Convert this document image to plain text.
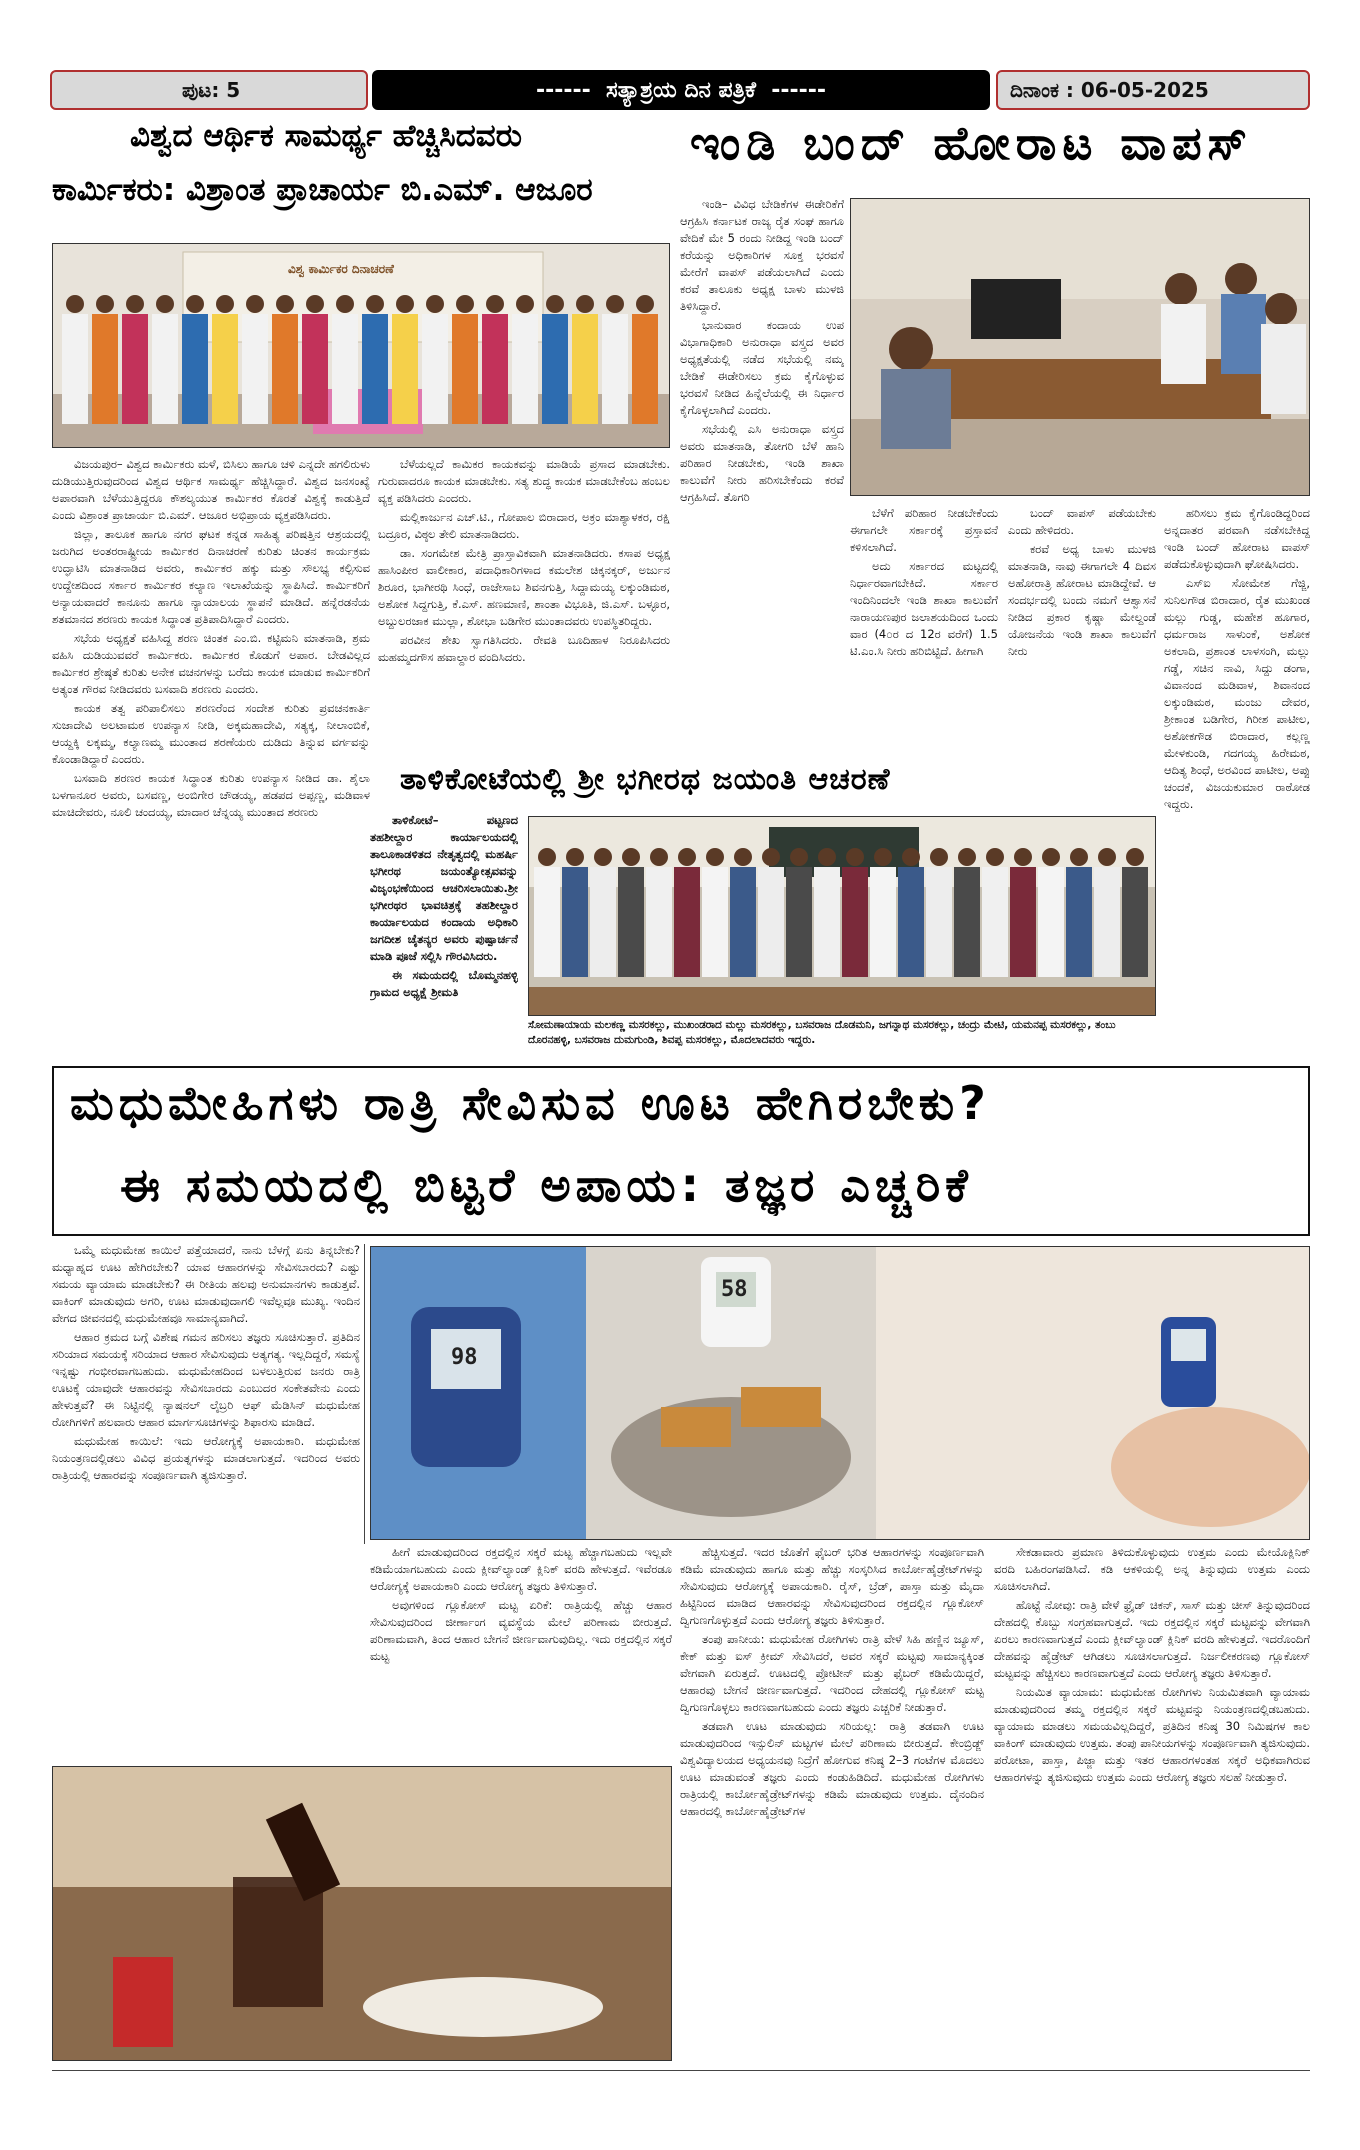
ಪುಟ: 5	------  ಸತ್ಯಾಶ್ರಯ ದಿನ ಪತ್ರಿಕೆ  ------	ದಿನಾಂಕ : 06-05-2025
ವಿಶ್ವದ ಆರ್ಥಿಕ ಸಾಮರ್ಥ್ಯ ಹೆಚ್ಚಿಸಿದವರು
ಕಾರ್ಮಿಕರು: ವಿಶ್ರಾಂತ ಪ್ರಾಚಾರ್ಯ ಬಿ.ಎಮ್. ಆಜೂರ
ವಿಶ್ವ ಕಾರ್ಮಿಕರ ದಿನಾಚರಣೆ

ವಿಜಯಪುರ– ವಿಶ್ವದ ಕಾರ್ಮಿಕರು ಮಳೆ, ಬಿಸಿಲು ಹಾಗೂ ಚಳಿ ಎನ್ನದೇ ಹಗಲಿರುಳು ದುಡಿಯುತ್ತಿರುವುದರಿಂದ ವಿಶ್ವದ ಆರ್ಥಿಕ ಸಾಮರ್ಥ್ಯ ಹೆಚ್ಚಿಸಿದ್ದಾರೆ. ವಿಶ್ವದ ಜನಸಂಖ್ಯೆ ಅಪಾರವಾಗಿ ಬೆಳೆಯುತ್ತಿದ್ದರೂ ಕೌಶಲ್ಯಯುತ ಕಾರ್ಮಿಕರ ಕೊರತೆ ವಿಶ್ವಕ್ಕೆ ಕಾಡುತ್ತಿದೆ ಎಂದು ವಿಶ್ರಾಂತ ಪ್ರಾಚಾರ್ಯ ಬಿ.ಎಮ್. ಆಜೂರ ಅಭಿಪ್ರಾಯ ವ್ಯಕ್ತಪಡಿಸಿದರು.

ಜಿಲ್ಲಾ, ತಾಲೂಕ ಹಾಗೂ ನಗರ ಘಟಕ ಕನ್ನಡ ಸಾಹಿತ್ಯ ಪರಿಷತ್ತಿನ ಆಶ್ರಯದಲ್ಲಿ ಜರುಗಿದ ಅಂತರರಾಷ್ಟ್ರೀಯ ಕಾರ್ಮಿಕರ ದಿನಾಚರಣೆ ಕುರಿತು ಚಿಂತನ ಕಾರ್ಯಕ್ರಮ ಉದ್ಘಾಟಿಸಿ ಮಾತನಾಡಿದ ಅವರು, ಕಾರ್ಮಿಕರ ಹಕ್ಕು ಮತ್ತು ಸೌಲಭ್ಯ ಕಲ್ಪಿಸುವ ಉದ್ದೇಶದಿಂದ ಸರ್ಕಾರ ಕಾರ್ಮಿಕರ ಕಲ್ಯಾಣ ಇಲಾಖೆಯನ್ನು ಸ್ಥಾಪಿಸಿದೆ. ಕಾರ್ಮಿಕರಿಗೆ ಅನ್ಯಾಯವಾದರೆ ಕಾನೂನು ಹಾಗೂ ನ್ಯಾಯಾಲಯ ಸ್ಥಾಪನೆ ಮಾಡಿದೆ. ಹನ್ನೆರಡನೆಯ ಶತಮಾನದ ಶರಣರು ಕಾಯಕ ಸಿದ್ಧಾಂತ ಪ್ರತಿಪಾದಿಸಿದ್ದಾರೆ ಎಂದರು.

ಸಭೆಯ ಅಧ್ಯಕ್ಷತೆ ವಹಿಸಿದ್ದ ಶರಣ ಚಿಂತಕ ಎಂ.ಬಿ. ಕಟ್ಟಿಮನಿ ಮಾತನಾಡಿ, ಶ್ರಮ ವಹಿಸಿ ದುಡಿಯುವವರೆ ಕಾರ್ಮಿಕರು. ಕಾರ್ಮಿಕರ ಕೊಡುಗೆ ಅಪಾರ. ಬೇಡವಿಲ್ಲದ ಕಾರ್ಮಿಕರ ಶ್ರೇಷ್ಠತೆ ಕುರಿತು ಅನೇಕ ವಚನಗಳನ್ನು ಬರೆದು ಕಾಯಕ ಮಾಡುವ ಕಾರ್ಮಿಕರಿಗೆ ಅತ್ಯಂತ ಗೌರವ ನೀಡಿದವರು ಬಸವಾದಿ ಶರಣರು ಎಂದರು.

ಕಾಯಕ ತತ್ವ ಪರಿಪಾಲಿಸಲು ಶರಣರೆಂದ ಸಂದೇಶ ಕುರಿತು ಪ್ರವಚನಕಾರ್ತಿ ಸುಜಾದೇವಿ ಅಲಟಾಮಠ ಉಪನ್ಯಾಸ ನೀಡಿ, ಅಕ್ಕಮಹಾದೇವಿ, ಸತ್ಯಕ್ಕ, ನೀಲಾಂಬಿಕೆ, ಆಯ್ದಕ್ಕಿ ಲಕ್ಕಮ್ಮ, ಕಲ್ಯಾಣಮ್ಮ ಮುಂತಾದ ಶರಣೆಯರು ದುಡಿದು ತಿನ್ನುವ ವರ್ಗವನ್ನು ಕೊಂಡಾಡಿದ್ದಾರೆ ಎಂದರು.

ಬಸವಾದಿ ಶರಣರ ಕಾಯಕ ಸಿದ್ಧಾಂತ ಕುರಿತು ಉಪನ್ಯಾಸ ನೀಡಿದ ಡಾ. ಶೈಲಾ ಬಳಗಾನೂರ ಅವರು, ಬಸವಣ್ಣ, ಅಂಬಿಗೇರ ಚೌಡಯ್ಯ, ಹಡಪದ ಅಪ್ಪಣ್ಣ, ಮಡಿವಾಳ ಮಾಚಿದೇವರು, ನೂಲಿ ಚಂದಯ್ಯ, ಮಾದಾರ ಚೆನ್ನಯ್ಯ ಮುಂತಾದ ಶರಣರು

ಬೆಳೆಯಲ್ಲದೆ ಕಾಮಿಕರ ಕಾಯಕವನ್ನು ಮಾಡಿಯೆ ಪ್ರಸಾದ ಮಾಡಬೇಕು. ಗುರುವಾದರೂ ಕಾಯಕ ಮಾಡಬೇಕು. ಸತ್ಯ ಶುದ್ಧ ಕಾಯಕ ಮಾಡಬೇಕೆಂಬ ಹಂಬಲ ವ್ಯಕ್ತ ಪಡಿಸಿದರು ಎಂದರು.

ಮಲ್ಲಿಕಾರ್ಜುನ ಎಚ್.ಟಿ., ಗೋಪಾಲ ಬಿರಾದಾರ, ಅಕ್ರಂ ಮಾಶ್ಯಾಳಕರ, ರಕ್ಷಿ ಬದ್ರೂರ, ವಿಠ್ಠಲ ತೇಲಿ ಮಾತನಾಡಿದರು.

ಡಾ. ಸಂಗಮೇಶ ಮೇತ್ರಿ ಪ್ರಾಸ್ತಾವಿಕವಾಗಿ ಮಾತನಾಡಿದರು. ಕಸಾಪ ಅಧ್ಯಕ್ಷ ಹಾಸಿಂಪೀರ ವಾಲೀಕಾರ, ಪದಾಧಿಕಾರಿಗಳಾದ ಕಮಲೇಶ ಚಿಕ್ಕನಕ್ಕರ್, ಅರ್ಜುನ ಶಿರೂರ, ಭಾಗೀರಥಿ ಸಿಂಧೆ, ರಾಜೇಸಾಬ ಶಿವನಗುತ್ತಿ, ಸಿದ್ದಾಮಯ್ಯ ಲಕ್ಕುಂಡಿಮಠ, ಅಶೋಕ ಸಿದ್ದಗುತ್ತಿ, ಕೆ.ಎಸ್. ಹಣಮಾಣಿ, ಶಾಂತಾ ವಿಭೂತಿ, ಜಿ.ಎಸ್. ಬಳ್ಳೂರ, ಅಬ್ದುಲರಜಾಕ ಮುಲ್ಲಾ, ಶೋಭಾ ಬಡಿಗೇರ ಮುಂತಾದವರು ಉಪಸ್ಥಿತರಿದ್ದರು.

ಪರವೀನ ಶೇಖ ಸ್ವಾಗತಿಸಿದರು. ರೇವತಿ ಬೂದಿಹಾಳ ನಿರೂಪಿಸಿದರು ಮಹಮ್ಮದಗೌಸ ಹವಾಲ್ದಾರ ವಂದಿಸಿದರು.

ಇಂಡಿ ಬಂದ್ ಹೋರಾಟ ವಾಪಸ್

ಇಂಡಿ– ವಿವಿಧ ಬೇಡಿಕೆಗಳ ಈಡೇರಿಕೆಗೆ ಆಗ್ರಹಿಸಿ ಕರ್ನಾಟಕ ರಾಜ್ಯ ರೈತ ಸಂಘ ಹಾಗೂ ವೇದಿಕೆ ಮೇ 5 ರಂದು ನೀಡಿದ್ದ ಇಂಡಿ ಬಂದ್ ಕರೆಯನ್ನು ಅಧಿಕಾರಿಗಳ ಸೂಕ್ತ ಭರವಸೆ ಮೇರೆಗೆ ವಾಪಸ್ ಪಡೆಯಲಾಗಿದೆ ಎಂದು ಕರವೆ ತಾಲೂಕು ಅಧ್ಯಕ್ಷ ಬಾಳು ಮುಳಜಿ ತಿಳಿಸಿದ್ದಾರೆ.

ಭಾನುವಾರ ಕಂದಾಯ ಉಪ ವಿಭಾಗಾಧಿಕಾರಿ ಅನುರಾಧಾ ವಸ್ತ್ರದ ಅವರ ಅಧ್ಯಕ್ಷತೆಯಲ್ಲಿ ನಡೆದ ಸಭೆಯಲ್ಲಿ ನಮ್ಮ ಬೇಡಿಕೆ ಈಡೇರಿಸಲು ಕ್ರಮ ಕೈಗೊಳ್ಳುವ ಭರವಸೆ ನೀಡಿದ ಹಿನ್ನೆಲೆಯಲ್ಲಿ ಈ ನಿರ್ಧಾರ ಕೈಗೊಳ್ಳಲಾಗಿದೆ ಎಂದರು.

ಸಭೆಯಲ್ಲಿ ಎಸಿ ಅನುರಾಧಾ ವಸ್ತ್ರದ ಅವರು ಮಾತನಾಡಿ, ತೋಗರಿ ಬೆಳೆ ಹಾನಿ ಪರಿಹಾರ ನೀಡಬೇಕು, ಇಂಡಿ ಶಾಖಾ ಕಾಲುವೆಗೆ ನೀರು ಹರಿಸಬೇಕೆಂದು ಕರವೆ ಆಗ್ರಹಿಸಿದೆ. ತೊಗರಿ

ಬೆಳೆಗೆ ಪರಿಹಾರ ನೀಡಬೇಕೆಂದು ಈಗಾಗಲೇ ಸರ್ಕಾರಕ್ಕೆ ಪ್ರಸ್ತಾವನೆ ಕಳಿಸಲಾಗಿದೆ.

ಅದು ಸರ್ಕಾರದ ಮಟ್ಟದಲ್ಲಿ ನಿರ್ಧಾರವಾಗಬೇಕಿದೆ. ಸರ್ಕಾರ ಇಂದಿನಿಂದಲೇ ಇಂಡಿ ಶಾಖಾ ಕಾಲುವೆಗೆ ನಾರಾಯಣಪುರ ಜಲಾಶಯದಿಂದ ಒಂದು ವಾರ (4೦ರ ದ 12ರ ವರೆಗೆ) 1.5 ಟಿ.ಎಂ.ಸಿ ನೀರು ಹರಿಬಿಟ್ಟಿದೆ. ಹೀಗಾಗಿ

ಬಂದ್ ವಾಪಸ್ ಪಡೆಯಬೇಕು ಎಂದು ಹೇಳಿದರು.

ಕರವೆ ಅಧ್ಯ ಬಾಳು ಮುಳಜಿ ಮಾತನಾಡಿ, ನಾವು ಈಗಾಗಲೇ 4 ದಿವಸ ಅಹೋರಾತ್ರಿ ಹೋರಾಟ ಮಾಡಿದ್ದೇವೆ. ಆ ಸಂದರ್ಭದಲ್ಲಿ ಬಂದು ನಮಗೆ ಆಶ್ವಾಸನೆ ನೀಡಿದ ಪ್ರಕಾರ ಕೃಷ್ಣಾ ಮೇಲ್ದಂಡೆ ಯೋಜನೆಯ ಇಂಡಿ ಶಾಖಾ ಕಾಲುವೆಗೆ ನೀರು

ಹರಿಸಲು ಕ್ರಮ ಕೈಗೊಂಡಿದ್ದರಿಂದ ಅನ್ನದಾತರ ಪರವಾಗಿ ನಡೆಸಬೇಕಿದ್ದ ಇಂಡಿ ಬಂದ್ ಹೋರಾಟ ವಾಪಸ್ ಪಡೆದುಕೊಳ್ಳುವುದಾಗಿ ಘೋಷಿಸಿದರು.

ಎಸ್ಐ ಸೋಮೇಶ ಗೆಜ್ಜಿ, ಸುನಿಲಗೌಡ ಬಿರಾದಾರ, ರೈತ ಮುಖಂಡ ಮಲ್ಲು ಗುಡ್ಡ, ಮಹೇಶ ಹೂಗಾರ, ಧರ್ಮರಾಜ ಸಾಳುಂಕೆ, ಅಶೋಕ ಅಕಲಾದಿ, ಪ್ರಶಾಂತ ಲಾಳಸಂಗಿ, ಮಲ್ಲು ಗಡ್ಡೆ, ಸಚಿನ ನಾವಿ, ಸಿದ್ದು ಡಂಗಾ, ವಿವಾನಂದ ಮಡಿವಾಳ, ಶಿವಾನಂದ ಲಕ್ಕುಂಡಿಮಠ, ಮಂಜು ದೇವರ, ಶ್ರೀಕಾಂತ ಬಡಿಗೇರ, ಗಿರೀಶ ಪಾಟೀಲ, ಅಶೋಕಗೌಡ ಬಿರಾದಾರ, ಕಲ್ಲಣ್ಣ ಮೇಳಕುಂಡಿ, ಗದಗಯ್ಯ ಹಿರೇಮಠ, ಆದಿತ್ಯ ಶಿಂಧೆ, ಅರವಿಂದ ಪಾಟೀಲ, ಅಪ್ಪು ಚಂದಕೆ, ವಿಜಯಕುಮಾರ ರಾಠೋಡ ಇದ್ದರು.

ತಾಳಿಕೋಟೆಯಲ್ಲಿ ಶ್ರೀ ಭಗೀರಥ ಜಯಂತಿ ಆಚರಣೆ

ತಾಳಿಕೋಟೆ– ಪಟ್ಟಣದ ತಹಶೀಲ್ದಾರ ಕಾರ್ಯಾಲಯದಲ್ಲಿ ತಾಲೂಕಾಡಳಿತದ ನೇತೃತ್ವದಲ್ಲಿ ಮಹರ್ಷಿ ಭಗೀರಥ ಜಯಂತ್ಯೋತ್ಸವವನ್ನು ವಿಜೃಂಭಣೆಯಿಂದ ಆಚರಿಸಲಾಯಿತು.ಶ್ರೀ ಭಗೀರಥರ ಭಾವಚಿತ್ರಕ್ಕೆ ತಹಶೀಲ್ದಾರ ಕಾರ್ಯಾಲಯದ ಕಂದಾಯ ಅಧಿಕಾರಿ ಜಗದೀಶ ಚೈತನ್ಯರ ಅವರು ಪುಷ್ಪಾರ್ಚನೆ ಮಾಡಿ ಪೂಜೆ ಸಲ್ಲಿಸಿ ಗೌರವಿಸಿದರು.

ಈ ಸಮಯದಲ್ಲಿ ಬೊಮ್ಮನಹಳ್ಳಿ ಗ್ರಾಮದ ಅಧ್ಯಕ್ಷೆ ಶ್ರೀಮತಿ

ಸೋಮಣಾಯಾಯ ಮಲಕಣ್ಣ ಮಸರಕಲ್ಲು, ಮುಖಂಡರಾದ ಮಲ್ಲು ಮಸರಕಲ್ಲು, ಬಸವರಾಜ ದೊಡಮನಿ, ಜಗನ್ನಾಥ ಮಸರಕಲ್ಲು, ಚಂದ್ರು ಮೇಟಿ, ಯಮನಪ್ಪ ಮಸರಕಲ್ಲು, ತಂಬು ದೊರನಹಳ್ಳಿ, ಬಸವರಾಜ ದುಮಗುಂಡಿ, ಶಿವಪ್ಪ ಮಸರಕಲ್ಲು, ಮೊದಲಾದವರು ಇದ್ದರು.
ಮಧುಮೇಹಿಗಳು ರಾತ್ರಿ ಸೇವಿಸುವ ಊಟ ಹೇಗಿರಬೇಕು?
ಈ ಸಮಯದಲ್ಲಿ ಬಿಟ್ಟರೆ ಅಪಾಯ: ತಜ್ಞರ ಎಚ್ಚರಿಕೆ

ಒಮ್ಮೆ ಮಧುಮೇಹ ಕಾಯಿಲೆ ಪತ್ತೆಯಾದರೆ, ನಾನು ಬೆಳಗ್ಗೆ ಏನು ತಿನ್ನಬೇಕು? ಮಧ್ಯಾಹ್ನದ ಊಟ ಹೇಗಿರಬೇಕು? ಯಾವ ಆಹಾರಗಳನ್ನು ಸೇವಿಸಬಾರದು? ಎಷ್ಟು ಸಮಯ ವ್ಯಾಯಾಮ ಮಾಡಬೇಕು? ಈ ರೀತಿಯ ಹಲವು ಅನುಮಾನಗಳು ಕಾಡುತ್ತವೆ. ವಾಕಿಂಗ್ ಮಾಡುವುದು ಅಗರಿ, ಊಟ ಮಾಡುವುದಾಗಲಿ ಇವೆಲ್ಲವೂ ಮುಖ್ಯ. ಇಂದಿನ ವೇಗದ ಜೀವನದಲ್ಲಿ ಮಧುಮೇಹವೂ ಸಾಮಾನ್ಯವಾಗಿದೆ.

ಆಹಾರ ಕ್ರಮದ ಬಗ್ಗೆ ವಿಶೇಷ ಗಮನ ಹರಿಸಲು ತಜ್ಞರು ಸೂಚಿಸುತ್ತಾರೆ. ಪ್ರತಿದಿನ ಸರಿಯಾದ ಸಮಯಕ್ಕೆ ಸರಿಯಾದ ಆಹಾರ ಸೇವಿಸುವುದು ಅತ್ಯಗತ್ಯ. ಇಲ್ಲದಿದ್ದರೆ, ಸಮಸ್ಯೆ ಇನ್ನಷ್ಟು ಗಂಭೀರವಾಗಬಹುದು. ಮಧುಮೇಹದಿಂದ ಬಳಲುತ್ತಿರುವ ಜನರು ರಾತ್ರಿ ಊಟಕ್ಕೆ ಯಾವುದೇ ಆಹಾರವನ್ನು ಸೇವಿಸಬಾರದು ಎಂಬುದರ ಸಂಕೇತವೇನು ಎಂದು ಹೇಳುತ್ತವೆ? ಈ ನಿಟ್ಟಿನಲ್ಲಿ ನ್ಯಾಷನಲ್ ಲೈಬ್ರರಿ ಆಫ್ ಮೆಡಿಸಿನ್ ಮಧುಮೇಹ ರೋಗಿಗಳಿಗೆ ಹಲವಾರು ಆಹಾರ ಮಾರ್ಗಸೂಚಿಗಳನ್ನು ಶಿಫಾರಸು ಮಾಡಿದೆ.

ಮಧುಮೇಹ ಕಾಯಿಲೆ: ಇದು ಆರೋಗ್ಯಕ್ಕೆ ಅಪಾಯಕಾರಿ. ಮಧುಮೇಹ ನಿಯಂತ್ರಣದಲ್ಲಿಡಲು ವಿವಿಧ ಪ್ರಯತ್ನಗಳನ್ನು ಮಾಡಲಾಗುತ್ತದೆ. ಇದರಿಂದ ಅವರು ರಾತ್ರಿಯಲ್ಲಿ ಆಹಾರವನ್ನು ಸಂಪೂರ್ಣವಾಗಿ ತ್ಯಜಿಸುತ್ತಾರೆ.

98
58

ಹೀಗೆ ಮಾಡುವುದರಿಂದ ರಕ್ತದಲ್ಲಿನ ಸಕ್ಕರೆ ಮಟ್ಟ ಹೆಚ್ಚಾಗಬಹುದು ಇಲ್ಲವೇ ಕಡಿಮೆಯಾಗಬಹುದು ಎಂದು ಕ್ಲೀವ್‌ಲ್ಯಾಂಡ್ ಕ್ಲಿನಿಕ್ ವರದಿ ಹೇಳುತ್ತದೆ. ಇವೆರಡೂ ಆರೋಗ್ಯಕ್ಕೆ ಅಪಾಯಕಾರಿ ಎಂದು ಆರೋಗ್ಯ ತಜ್ಞರು ತಿಳಿಸುತ್ತಾರೆ.

ಅವುಗಳಿಂದ ಗ್ಲೂಕೋಸ್ ಮಟ್ಟ ಏರಿಕೆ: ರಾತ್ರಿಯಲ್ಲಿ ಹೆಚ್ಚು ಆಹಾರ ಸೇವಿಸುವುದರಿಂದ ಜೀರ್ಣಾಂಗ ವ್ಯವಸ್ಥೆಯ ಮೇಲೆ ಪರಿಣಾಮ ಬೀರುತ್ತದೆ. ಪರಿಣಾಮವಾಗಿ, ತಿಂದ ಆಹಾರ ಬೇಗನೆ ಜೀರ್ಣವಾಗುವುದಿಲ್ಲ. ಇದು ರಕ್ತದಲ್ಲಿನ ಸಕ್ಕರೆ ಮಟ್ಟ

ಹೆಚ್ಚಿಸುತ್ತದೆ. ಇದರ ಜೊತೆಗೆ ಫೈಬರ್ ಭರಿತ ಆಹಾರಗಳನ್ನು ಸಂಪೂರ್ಣವಾಗಿ ಕಡಿಮೆ ಮಾಡುವುದು ಹಾಗೂ ಮತ್ತು ಹೆಚ್ಚು ಸಂಸ್ಕರಿಸಿದ ಕಾರ್ಬೋಹೈಡ್ರೇಟ್‌ಗಳನ್ನು ಸೇವಿಸುವುದು ಆರೋಗ್ಯಕ್ಕೆ ಅಪಾಯಕಾರಿ. ರೈಸ್, ಬ್ರೆಡ್, ಪಾಸ್ತಾ ಮತ್ತು ಮೈದಾ ಹಿಟ್ಟಿನಿಂದ ಮಾಡಿದ ಆಹಾರವನ್ನು ಸೇವಿಸುವುದರಿಂದ ರಕ್ತದಲ್ಲಿನ ಗ್ಲೂಕೋಸ್ ದ್ವಿಗುಣಗೊಳ್ಳುತ್ತದೆ ಎಂದು ಆರೋಗ್ಯ ತಜ್ಞರು ತಿಳಿಸುತ್ತಾರೆ.

ತಂಪು ಪಾನೀಯ: ಮಧುಮೇಹ ರೋಗಿಗಳು ರಾತ್ರಿ ವೇಳೆ ಸಿಹಿ ಹಣ್ಣಿನ ಜ್ಯೂಸ್, ಕೇಕ್ ಮತ್ತು ಐಸ್ ಕ್ರೀಮ್ ಸೇವಿಸಿದರೆ, ಅವರ ಸಕ್ಕರೆ ಮಟ್ಟವು ಸಾಮಾನ್ಯಕ್ಕಿಂತ ವೇಗವಾಗಿ ಏರುತ್ತದೆ. ಊಟದಲ್ಲಿ ಪ್ರೋಟೀನ್ ಮತ್ತು ಫೈಬರ್ ಕಡಿಮೆಯಿದ್ದರೆ, ಆಹಾರವು ಬೇಗನೆ ಜೀರ್ಣವಾಗುತ್ತದೆ. ಇದರಿಂದ ದೇಹದಲ್ಲಿ ಗ್ಲೂಕೋಸ್ ಮಟ್ಟ ದ್ವಿಗುಣಗೊಳ್ಳಲು ಕಾರಣವಾಗಬಹುದು ಎಂದು ತಜ್ಞರು ಎಚ್ಚರಿಕೆ ನೀಡುತ್ತಾರೆ.

ತಡವಾಗಿ ಊಟ ಮಾಡುವುದು ಸರಿಯಲ್ಲ: ರಾತ್ರಿ ತಡವಾಗಿ ಊಟ ಮಾಡುವುದರಿಂದ ಇನ್ಸುಲಿನ್ ಮಟ್ಟಗಳ ಮೇಲೆ ಪರಿಣಾಮ ಬೀರುತ್ತದೆ. ಕೇಂಬ್ರಿಡ್ಜ್ ವಿಶ್ವವಿದ್ಯಾಲಯದ ಅಧ್ಯಯನವು ನಿದ್ರೆಗೆ ಹೋಗುವ ಕನಿಷ್ಠ 2–3 ಗಂಟೆಗಳ ಮೊದಲು ಊಟ ಮಾಡುವಂತೆ ತಜ್ಞರು ಎಂದು ಕಂಡುಹಿಡಿದಿದೆ. ಮಧುಮೇಹ ರೋಗಿಗಳು ರಾತ್ರಿಯಲ್ಲಿ ಕಾರ್ಬೋಹೈಡ್ರೇಟ್‌ಗಳನ್ನು ಕಡಿಮೆ ಮಾಡುವುದು ಉತ್ತಮ. ದೈನಂದಿನ ಆಹಾರದಲ್ಲಿ ಕಾರ್ಬೋಹೈಡ್ರೇಟ್‌ಗಳ

ಸೇಕಡಾವಾರು ಪ್ರಮಾಣ ತಿಳಿದುಕೊಳ್ಳುವುದು ಉತ್ತಮ ಎಂದು ಮೇಯೊಕ್ಲಿನಿಕ್ ವರದಿ ಬಹಿರಂಗಪಡಿಸಿದೆ. ಕಡಿ ಆಕಳಿಯಲ್ಲಿ ಅನ್ನ ತಿನ್ನುವುದು ಉತ್ತಮ ಎಂದು ಸೂಚಿಸಲಾಗಿದೆ.

ಹೊಟ್ಟೆ ನೋವು: ರಾತ್ರಿ ವೇಳೆ ಫ್ರೈಡ್ ಚಿಕನ್, ಸಾಸ್ ಮತ್ತು ಚೀಸ್ ತಿನ್ನುವುದರಿಂದ ದೇಹದಲ್ಲಿ ಕೊಬ್ಬು ಸಂಗ್ರಹವಾಗುತ್ತದೆ. ಇದು ರಕ್ತದಲ್ಲಿನ ಸಕ್ಕರೆ ಮಟ್ಟವನ್ನು ವೇಗವಾಗಿ ಏರಲು ಕಾರಣವಾಗುತ್ತದೆ ಎಂದು ಕ್ಲೀವ್‌ಲ್ಯಾಂಡ್ ಕ್ಲಿನಿಕ್ ವರದಿ ಹೇಳುತ್ತದೆ. ಇದರೊಂದಿಗೆ ದೇಹವನ್ನು ಹೈಡ್ರೇಟ್ ಆಗಿಡಲು ಸೂಚಿಸಲಾಗುತ್ತದೆ. ನಿರ್ಜಲೀಕರಣವು ಗ್ಲೂಕೋಸ್ ಮಟ್ಟವನ್ನು ಹೆಚ್ಚಿಸಲು ಕಾರಣವಾಗುತ್ತದೆ ಎಂದು ಆರೋಗ್ಯ ತಜ್ಞರು ತಿಳಿಸುತ್ತಾರೆ.

ನಿಯಮಿತ ವ್ಯಾಯಾಮ: ಮಧುಮೇಹ ರೋಗಿಗಳು ನಿಯಮಿತವಾಗಿ ವ್ಯಾಯಾಮ ಮಾಡುವುದರಿಂದ ತಮ್ಮ ರಕ್ತದಲ್ಲಿನ ಸಕ್ಕರೆ ಮಟ್ಟವನ್ನು ನಿಯಂತ್ರಣದಲ್ಲಿಡಬಹುದು. ವ್ಯಾಯಾಮ ಮಾಡಲು ಸಮಯವಿಲ್ಲದಿದ್ದರೆ, ಪ್ರತಿದಿನ ಕನಿಷ್ಠ 30 ನಿಮಿಷಗಳ ಕಾಲ ವಾಕಿಂಗ್ ಮಾಡುವುದು ಉತ್ತಮ. ತಂಪು ಪಾನೀಯಗಳನ್ನು ಸಂಪೂರ್ಣವಾಗಿ ತ್ಯಜಿಸುವುದು. ಪರೋಟಾ, ಪಾಸ್ತಾ, ಪಿಜ್ಜಾ ಮತ್ತು ಇತರ ಆಹಾರಗಳಂತಹ ಸಕ್ಕರೆ ಅಧಿಕವಾಗಿರುವ ಆಹಾರಗಳನ್ನು ತ್ಯಜಿಸುವುದು ಉತ್ತಮ ಎಂದು ಆರೋಗ್ಯ ತಜ್ಞರು ಸಲಹೆ ನೀಡುತ್ತಾರೆ.
